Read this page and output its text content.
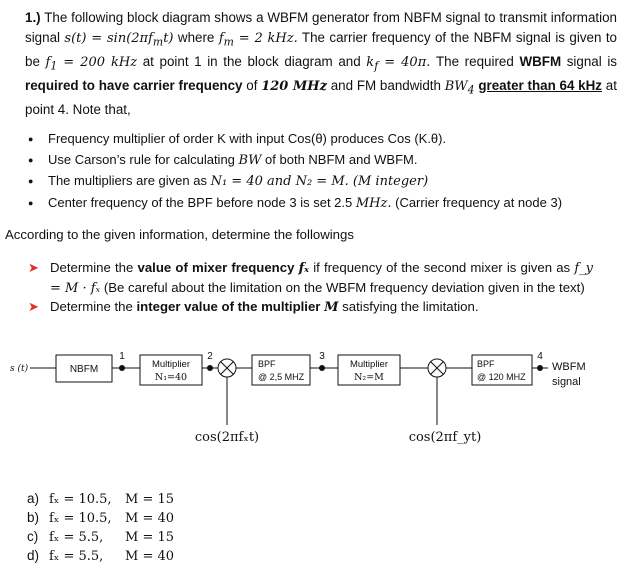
1.) The following block diagram shows a WBFM generator from NBFM signal to transmit information signal $s(t) = \sin(2\pi f_mt)$ where $f_m = 2$ kHz. The carrier frequency of the NBFM signal is given to be $f_1 = 200$ kHz at point 1 in the block diagram and $k_f = 40\pi$. The required WBFM signal is required to have carrier frequency of 120 MHz and FM bandwidth $BW_4$ greater than 64 kHz at point 4. Note that,
● Frequency multiplier of order K with input Cos(θ) produces Cos (K.θ).
● Use Carson’s rule for calculating BW of both NBFM and WBFM.
● The multipliers are given as N₁ = 40 and N₂ = M. (M integer)
● Center frequency of the BPF before node 3 is set 2.5 MHz. (Carrier frequency at node 3)
According to the given information, determine the followings
➤ Determine the value of mixer frequency fₓ if frequency of the second mixer is given as f_y = M · fₓ (Be careful about the limitation on the WBFM frequency deviation given in the text)
➤ Determine the integer value of the multiplier M satisfying the limitation.
s (t)	NBFM	Multiplier
N₁=40
BPF
@ 2,5 MHZ
Multiplier
N₂=M
BPF
@ 120 MHZ
WBFM
signal
1	2	3	4
cos(2πfₓt)	cos(2πf_yt)
a) fₓ = 10.5, M = 15
b) fₓ = 10.5, M = 40
c) fₓ = 5.5, M = 15
d) fₓ = 5.5, M = 40
